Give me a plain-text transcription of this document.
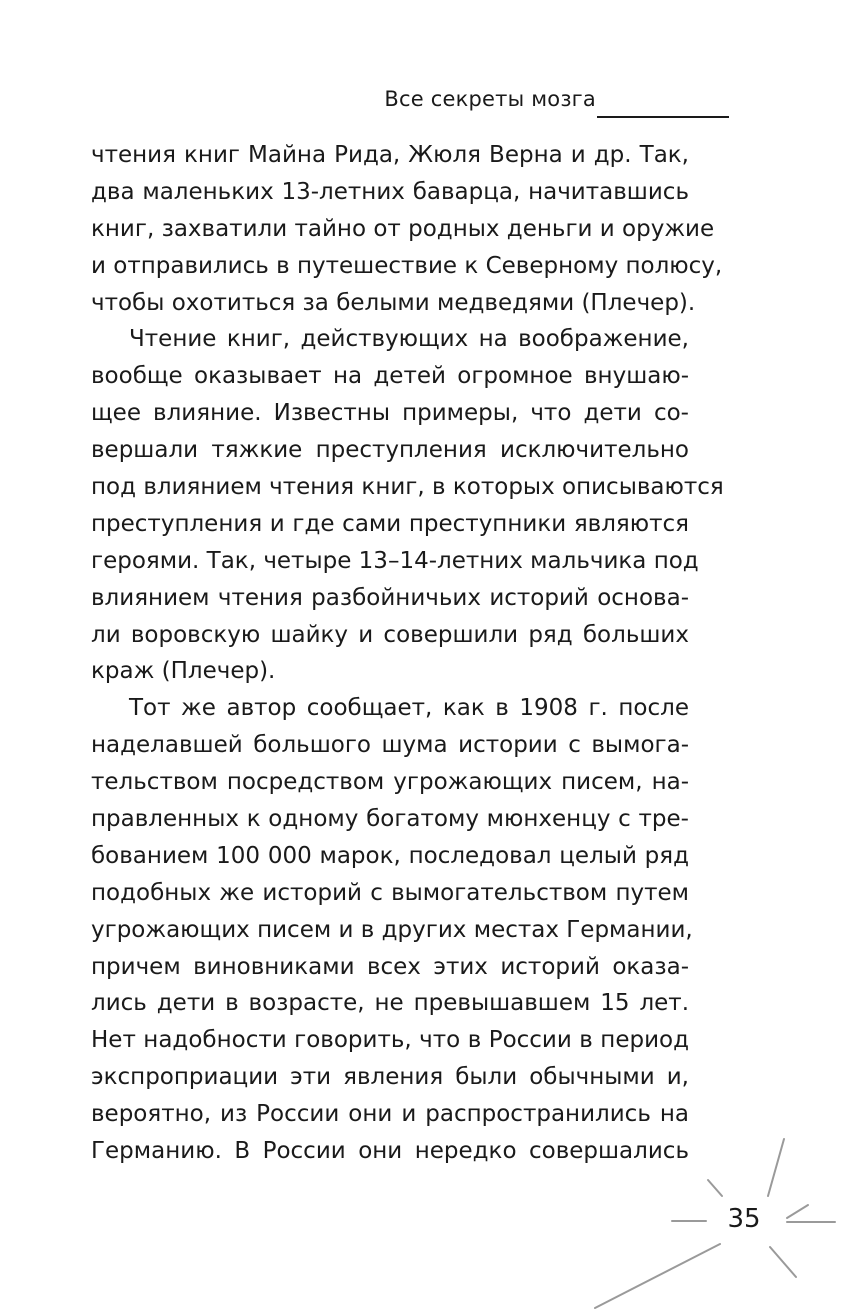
Все секреты мозга
чтения книг Майна Рида, Жюля Верна и др. Так,
два маленьких 13-летних баварца, начитавшись
книг, захватили тайно от родных деньги и оружие
и отправились в путешествие к Северному полюсу,
чтобы охотиться за белыми медведями (Плечер).
Чтение книг, действующих на воображение,
вообще оказывает на детей огромное внушаю-
щее влияние. Известны примеры, что дети со-
вершали тяжкие преступления исключительно
под влиянием чтения книг, в которых описываются
преступления и где сами преступники являются
героями. Так, четыре 13–14-летних мальчика под
влиянием чтения разбойничьих историй основа-
ли воровскую шайку и совершили ряд больших
краж (Плечер).
Тот же автор сообщает, как в 1908 г. после
наделавшей большого шума истории с вымога-
тельством посредством угрожающих писем, на-
правленных к одному богатому мюнхенцу с тре-
бованием 100 000 марок, последовал целый ряд
подобных же историй с вымогательством путем
угрожающих писем и в других местах Германии,
причем виновниками всех этих историй оказа-
лись дети в возрасте, не превышавшем 15 лет.
Нет надобности говорить, что в России в период
экспроприации эти явления были обычными и,
вероятно, из России они и распространились на
Германию. В России они нередко совершались
35
